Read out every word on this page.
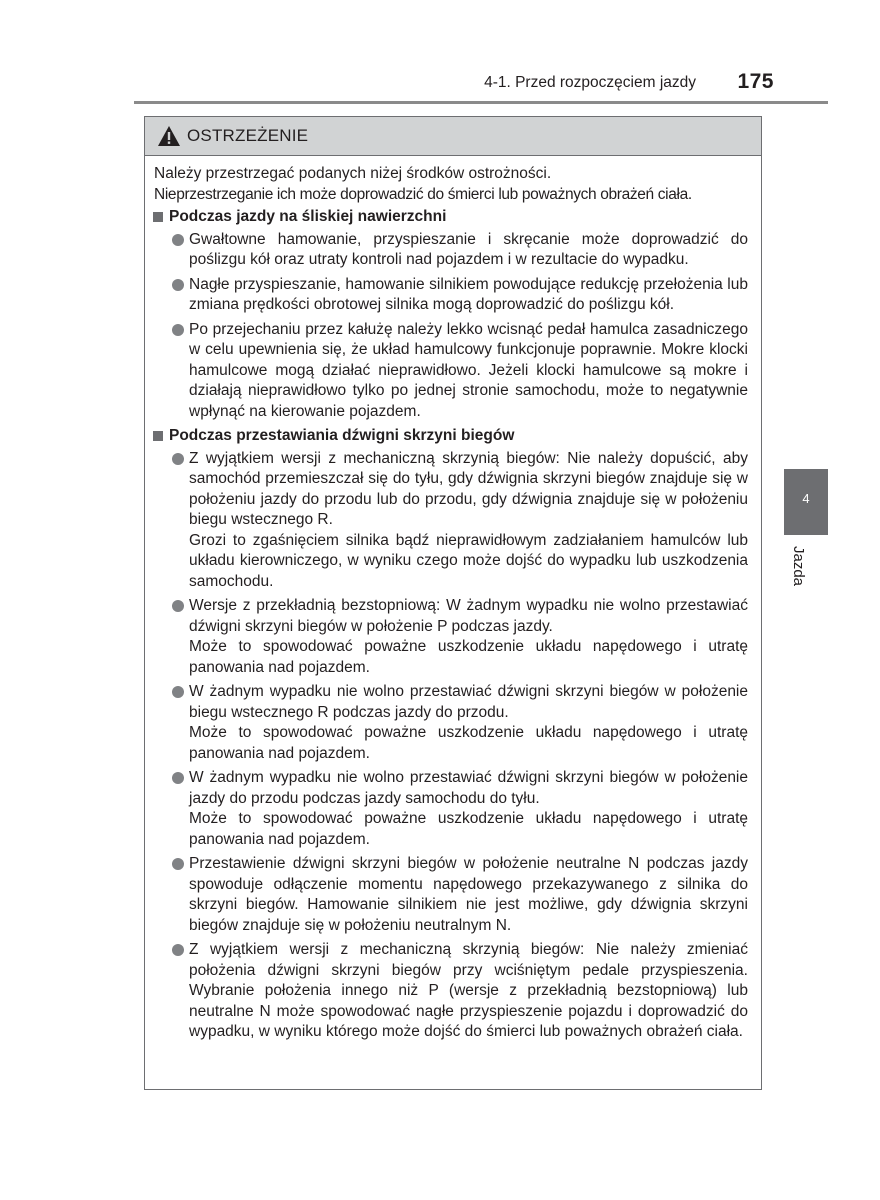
4-1. Przed rozpoczęciem jazdy 175
OSTRZEŻENIE

Należy przestrzegać podanych niżej środków ostrożności.

Nieprzestrzeganie ich może doprowadzić do śmierci lub poważnych obrażeń ciała.

Podczas jazdy na śliskiej nawierzchni

Gwałtowne hamowanie, przyspieszanie i skręcanie może doprowadzić do poślizgu kół oraz utraty kontroli nad pojazdem i w rezultacie do wypadku.

Nagłe przyspieszanie, hamowanie silnikiem powodujące redukcję przełożenia lub zmiana prędkości obrotowej silnika mogą doprowadzić do poślizgu kół.

Po przejechaniu przez kałużę należy lekko wcisnąć pedał hamulca zasadniczego w celu upewnienia się, że układ hamulcowy funkcjonuje poprawnie. Mokre klocki hamulcowe mogą działać nieprawidłowo. Jeżeli klocki hamulcowe są mokre i działają nieprawidłowo tylko po jednej stronie samochodu, może to negatywnie wpłynąć na kierowanie pojazdem.

Podczas przestawiania dźwigni skrzyni biegów

Z wyjątkiem wersji z mechaniczną skrzynią biegów: Nie należy dopuścić, aby samochód przemieszczał się do tyłu, gdy dźwignia skrzyni biegów znajduje się w położeniu jazdy do przodu lub do przodu, gdy dźwignia znajduje się w położeniu biegu wstecznego R.

Grozi to zgaśnięciem silnika bądź nieprawidłowym zadziałaniem hamulców lub układu kierowniczego, w wyniku czego może dojść do wypadku lub uszkodzenia samochodu.

Wersje z przekładnią bezstopniową: W żadnym wypadku nie wolno przestawiać dźwigni skrzyni biegów w położenie P podczas jazdy.

Może to spowodować poważne uszkodzenie układu napędowego i utratę panowania nad pojazdem.

W żadnym wypadku nie wolno przestawiać dźwigni skrzyni biegów w położenie biegu wstecznego R podczas jazdy do przodu.

Może to spowodować poważne uszkodzenie układu napędowego i utratę panowania nad pojazdem.

W żadnym wypadku nie wolno przestawiać dźwigni skrzyni biegów w położenie jazdy do przodu podczas jazdy samochodu do tyłu.

Może to spowodować poważne uszkodzenie układu napędowego i utratę panowania nad pojazdem.

Przestawienie dźwigni skrzyni biegów w położenie neutralne N podczas jazdy spowoduje odłączenie momentu napędowego przekazywanego z silnika do skrzyni biegów. Hamowanie silnikiem nie jest możliwe, gdy dźwignia skrzyni biegów znajduje się w położeniu neutralnym N.

Z wyjątkiem wersji z mechaniczną skrzynią biegów: Nie należy zmieniać położenia dźwigni skrzyni biegów przy wciśniętym pedale przyspieszenia. Wybranie położenia innego niż P (wersje z przekładnią bezstopniową) lub neutralne N może spowodować nagłe przyspieszenie pojazdu i doprowadzić do wypadku, w wyniku którego może dojść do śmierci lub poważnych obrażeń ciała.

4
Jazda
